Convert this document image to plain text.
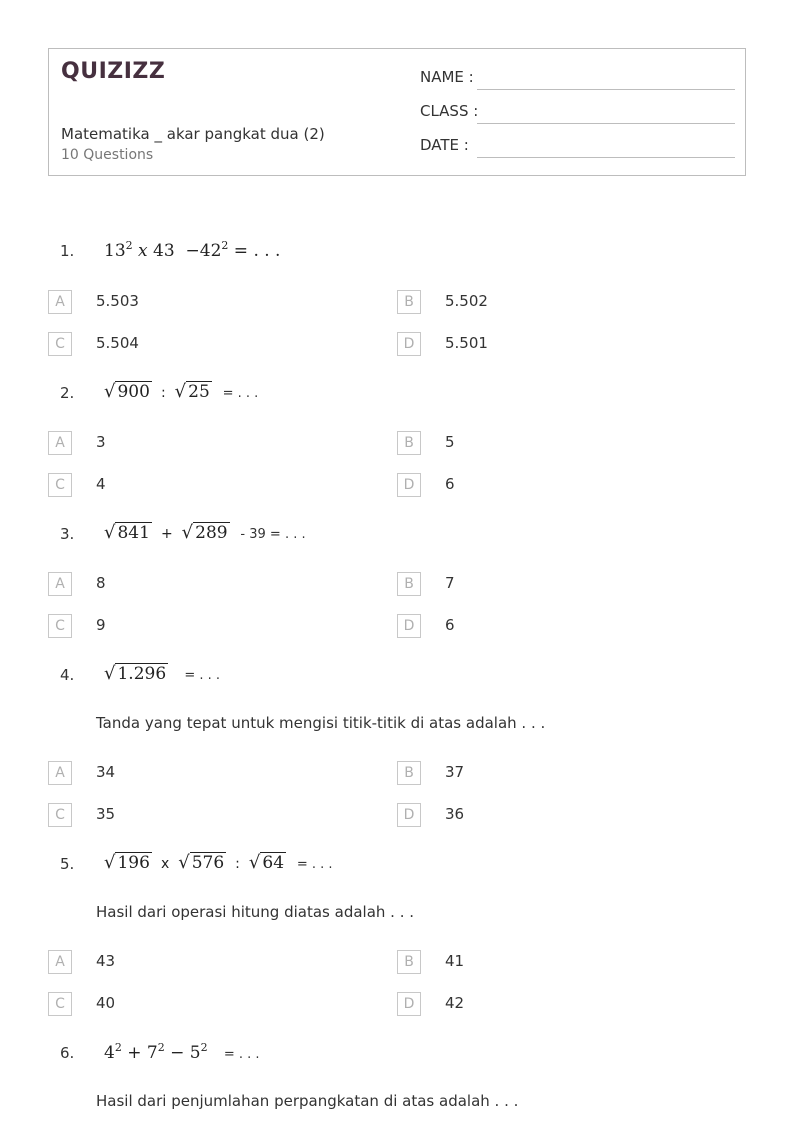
QUIZIZZ
Matematika _ akar pangkat dua (2)
10 Questions
NAME :
CLASS :
DATE :
1. $13^2$ x $43 -42^2$ = . . .
A	5.503	B	5.502
C	5.504	D	5.501
2. √ 900 : √ 25 = . . .
A	3	B	5
C	4	D	6
3. √ 841 + √ 289 - 39 = . . .
A	8	B	7
C	9	D	6
4. √ 1.296 = . . .
Tanda yang tepat untuk mengisi titik-titik di atas adalah . . .
A	34	B	37
C	35	D	36
5. √ 196 x √ 576 : √ 64 = . . .
Hasil dari operasi hitung diatas adalah . . .
A	43	B	41
C	40	D	42
6. $4^2 + 7^2 - 5^2$ = . . .
Hasil dari penjumlahan perpangkatan di atas adalah . . .
